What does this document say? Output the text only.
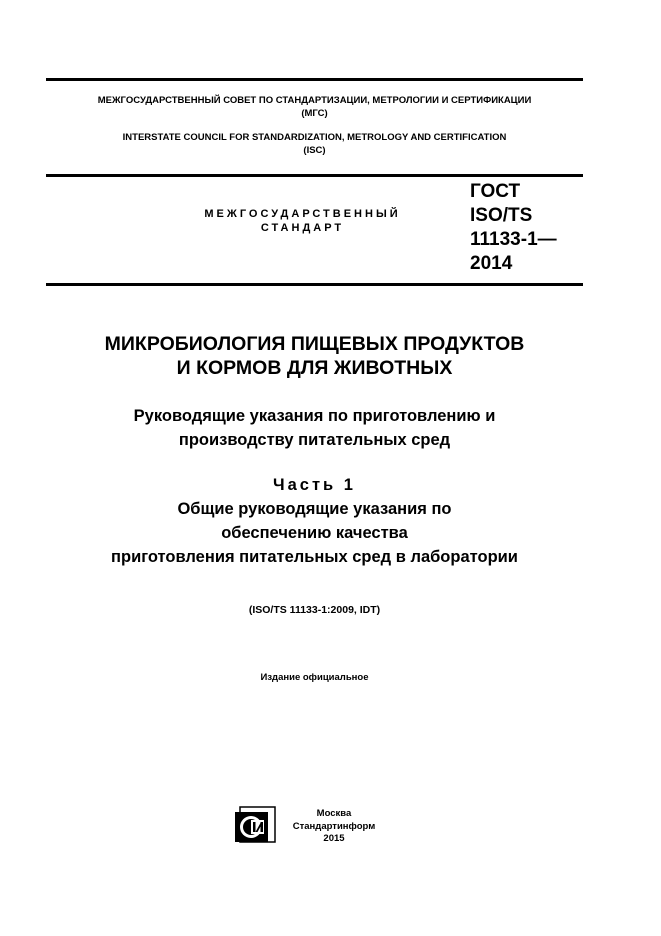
МЕЖГОСУДАРСТВЕННЫЙ СОВЕТ ПО СТАНДАРТИЗАЦИИ, МЕТРОЛОГИИ И СЕРТИФИКАЦИИ
(МГС)
INTERSTATE COUNCIL FOR STANDARDIZATION, METROLOGY AND CERTIFICATION
(ISC)
МЕЖГОСУДАРСТВЕННЫЙ
СТАНДАРТ
ГОСТ
ISO/TS
11133-1—
2014
МИКРОБИОЛОГИЯ ПИЩЕВЫХ ПРОДУКТОВ
И КОРМОВ ДЛЯ ЖИВОТНЫХ
Руководящие указания по приготовлению и
производству питательных сред
Часть 1
Общие руководящие указания по
обеспечению качества
приготовления питательных сред в лаборатории
(ISO/TS 11133-1:2009, IDT)
Издание официальное
Москва
Стандартинформ
2015
